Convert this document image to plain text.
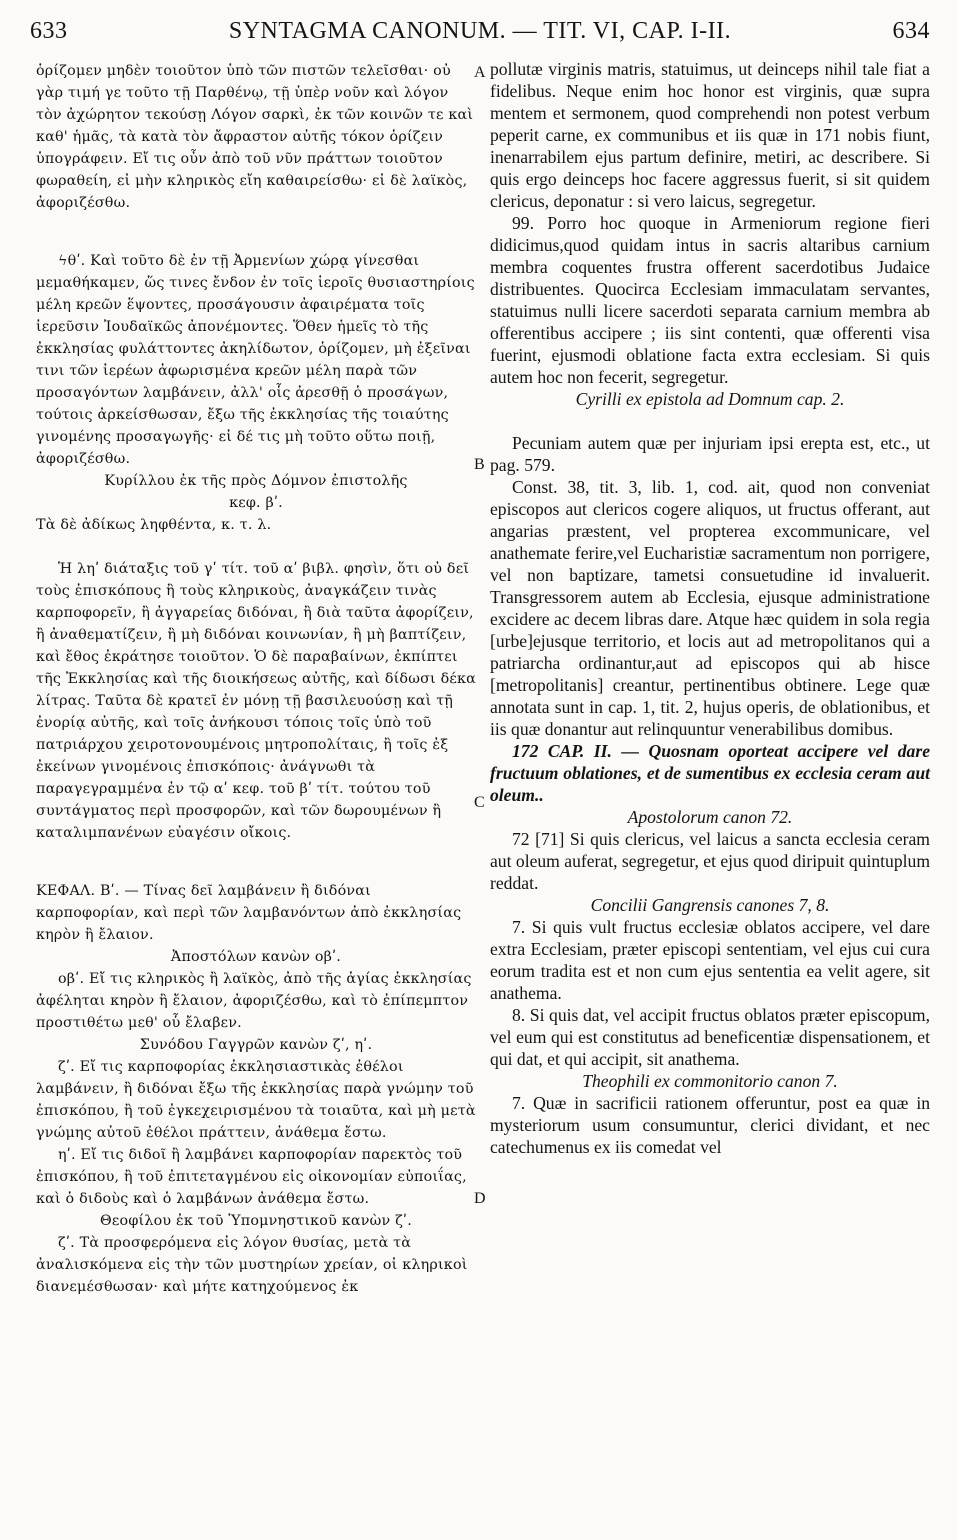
633	SYNTAGMA CANONUM. — TIT. VI, CAP. I-II.	634
A
B
C
D

ὁρίζομεν μηδὲν τοιοῦτον ὑπὸ τῶν πιστῶν τελεῖσθαι· οὐ γὰρ τιμή γε τοῦτο τῇ Παρθένῳ, τῇ ὑπὲρ νοῦν καὶ λόγον τὸν ἀχώρητον τεκούσῃ Λόγον σαρκὶ, ἐκ τῶν κοινῶν τε καὶ καθ' ἡμᾶς, τὰ κατὰ τὸν ἄφραστον αὐτῆς τόκον ὁρίζειν ὑπογράφειν. Εἴ τις οὖν ἀπὸ τοῦ νῦν πράττων τοιοῦτον φωραθείη, εἰ μὴν κληρικὸς εἴη καθαιρείσθω· εἰ δὲ λαϊκὸς, ἀφοριζέσθω.

ϟθʹ. Καὶ τοῦτο δὲ ἐν τῇ Ἀρμενίων χώρᾳ γίνεσθαι μεμαθήκαμεν, ὥς τινες ἔνδον ἐν τοῖς ἱεροῖς θυσιαστηρίοις μέλη κρεῶν ἕψοντες, προσάγουσιν ἀφαιρέματα τοῖς ἱερεῦσιν Ἰουδαϊκῶς ἀπονέμοντες. Ὅθεν ἡμεῖς τὸ τῆς ἐκκλησίας φυλάττοντες ἀκηλίδωτον, ὁρίζομεν, μὴ ἐξεῖναι τινι τῶν ἱερέων ἀφωρισμένα κρεῶν μέλη παρὰ τῶν προσαγόντων λαμβάνειν, ἀλλ' οἷς ἀρεσθῇ ὁ προσάγων, τούτοις ἀρκείσθωσαν, ἔξω τῆς ἐκκλησίας τῆς τοιαύτης γινομένης προσαγωγῆς· εἰ δέ τις μὴ τοῦτο οὕτω ποιῇ, ἀφοριζέσθω.

Κυρίλλου ἐκ τῆς πρὸς Δόμνον ἐπιστολῆς

κεφ. βʹ.

Τὰ δὲ ἀδίκως ληφθέντα, κ. τ. λ.

Ἡ ληʹ διάταξις τοῦ γʹ τίτ. τοῦ αʹ βιβλ. φησὶν, ὅτι οὐ δεῖ τοὺς ἐπισκόπους ἢ τοὺς κληρικοὺς, ἀναγκάζειν τινὰς καρποφορεῖν, ἢ ἀγγαρείας διδόναι, ἢ διὰ ταῦτα ἀφορίζειν, ἢ ἀναθεματίζειν, ἢ μὴ διδόναι κοινωνίαν, ἢ μὴ βαπτίζειν, καὶ ἔθος ἐκράτησε τοιοῦτον. Ὁ δὲ παραβαίνων, ἐκπίπτει τῆς Ἐκκλησίας καὶ τῆς διοικήσεως αὐτῆς, καὶ δίδωσι δέκα λίτρας. Ταῦτα δὲ κρατεῖ ἐν μόνῃ τῇ βασιλευούσῃ καὶ τῇ ἐνορίᾳ αὐτῆς, καὶ τοῖς ἀνήκουσι τόποις τοῖς ὑπὸ τοῦ πατριάρχου χειροτονουμένοις μητροπολίταις, ἢ τοῖς ἐξ ἐκείνων γινομένοις ἐπισκόποις· ἀνάγνωθι τὰ παραγεγραμμένα ἐν τῷ αʹ κεφ. τοῦ βʹ τίτ. τούτου τοῦ συντάγματος περὶ προσφορῶν, καὶ τῶν δωρουμένων ἢ καταλιμπανένων εὐαγέσιν οἴκοις.

ΚΕΦΑΛ. Βʹ. — Τίνας δεῖ λαμβάνειν ἢ διδόναι καρποφορίαν, καὶ περὶ τῶν λαμβανόντων ἀπὸ ἐκκλησίας κηρὸν ἢ ἔλαιον.

Ἀποστόλων κανὼν οβʹ.

οβʹ. Εἴ τις κληρικὸς ἢ λαϊκὸς, ἀπὸ τῆς ἁγίας ἐκκλησίας ἀφέληται κηρὸν ἢ ἔλαιον, ἀφοριζέσθω, καὶ τὸ ἐπίπεμπτον προστιθέτω μεθ' οὗ ἔλαβεν.

Συνόδου Γαγγρῶν κανὼν ζʹ, ηʹ.

ζʹ. Εἴ τις καρποφορίας ἐκκλησιαστικὰς ἐθέλοι λαμβάνειν, ἢ διδόναι ἔξω τῆς ἐκκλησίας παρὰ γνώμην τοῦ ἐπισκόπου, ἢ τοῦ ἐγκεχειρισμένου τὰ τοιαῦτα, καὶ μὴ μετὰ γνώμης αὐτοῦ ἐθέλοι πράττειν, ἀνάθεμα ἔστω.

ηʹ. Εἴ τις διδοῖ ἢ λαμβάνει καρποφορίαν παρεκτὸς τοῦ ἐπισκόπου, ἢ τοῦ ἐπιτεταγμένου εἰς οἰκονομίαν εὐποιΐας, καὶ ὁ διδοὺς καὶ ὁ λαμβάνων ἀνάθεμα ἔστω.

Θεοφίλου ἐκ τοῦ Ὑπομνηστικοῦ κανὼν ζʹ.

ζʹ. Τὰ προσφερόμενα εἰς λόγον θυσίας, μετὰ τὰ ἀναλισκόμενα εἰς τὴν τῶν μυστηρίων χρείαν, οἱ κληρικοὶ διανεμέσθωσαν· καὶ μήτε κατηχούμενος ἐκ

pollutæ virginis matris, statuimus, ut deinceps nihil tale fiat a fidelibus. Neque enim hoc honor est virginis, quæ supra mentem et sermonem, quod comprehendi non potest verbum peperit carne, ex communibus et iis quæ in 171 nobis fiunt, inenarrabilem ejus partum definire, metiri, ac describere. Si quis ergo deinceps hoc facere aggressus fuerit, si sit quidem clericus, deponatur : si vero laicus, segregetur.

99. Porro hoc quoque in Armeniorum regione fieri didicimus,quod quidam intus in sacris altaribus carnium membra coquentes frustra offerent sacerdotibus Judaice distribuentes. Quocirca Ecclesiam immaculatam servantes, statuimus nulli licere sacerdoti separata carnium membra ab offerentibus accipere ; iis sint contenti, quæ offerenti visa fuerint, ejusmodi oblatione facta extra ecclesiam. Si quis autem hoc non fecerit, segregetur.

Cyrilli ex epistola ad Domnum cap. 2.

Pecuniam autem quæ per injuriam ipsi erepta est, etc., ut pag. 579.

Const. 38, tit. 3, lib. 1, cod. ait, quod non conveniat episcopos aut clericos cogere aliquos, ut fructus offerant, aut angarias præstent, vel propterea excommunicare, vel anathemate ferire,vel Eucharistiæ sacramentum non porrigere, vel non baptizare, tametsi consuetudine id invaluerit. Transgressorem autem ab Ecclesia, ejusque administratione excidere ac decem libras dare. Atque hæc quidem in sola regia [urbe]ejusque territorio, et locis aut ad metropolitanos qui a patriarcha ordinantur,aut ad episcopos qui ab hisce [metropolitanis] creantur, pertinentibus obtinere. Lege quæ annotata sunt in cap. 1, tit. 2, hujus operis, de oblationibus, et iis quæ donantur aut relinquuntur venerabilibus domibus.

172 CAP. II. — Quosnam oporteat accipere vel dare fructuum oblationes, et de sumentibus ex ecclesia ceram aut oleum..

Apostolorum canon 72.

72 [71] Si quis clericus, vel laicus a sancta ecclesia ceram aut oleum auferat, segregetur, et ejus quod diripuit quintuplum reddat.

Concilii Gangrensis canones 7, 8.

7. Si quis vult fructus ecclesiæ oblatos accipere, vel dare extra Ecclesiam, præter episcopi sententiam, vel ejus cui cura eorum tradita est et non cum ejus sententia ea velit agere, sit anathema.

8. Si quis dat, vel accipit fructus oblatos præter episcopum, vel eum qui est constitutus ad beneficentiæ dispensationem, et qui dat, et qui accipit, sit anathema.

Theophili ex commonitorio canon 7.

7. Quæ in sacrificii rationem offeruntur, post ea quæ in mysteriorum usum consumuntur, clerici dividant, et nec catechumenus ex iis comedat vel
